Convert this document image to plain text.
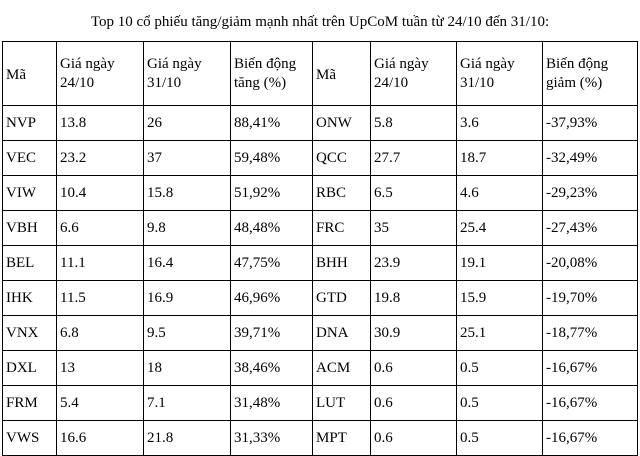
Top 10 cổ phiếu tăng/giảm mạnh nhất trên UpCoM tuần từ 24/10 đến 31/10:
Mã	Giá ngày 24/10	Giá ngày 31/10	Biến động tăng (%)	Mã	Giá ngày 24/10	Giá ngày 31/10	Biến động giảm (%)
NVP	13.8	26	88,41%	ONW	5.8	3.6	-37,93%
VEC	23.2	37	59,48%	QCC	27.7	18.7	-32,49%
VIW	10.4	15.8	51,92%	RBC	6.5	4.6	-29,23%
VBH	6.6	9.8	48,48%	FRC	35	25.4	-27,43%
BEL	11.1	16.4	47,75%	BHH	23.9	19.1	-20,08%
IHK	11.5	16.9	46,96%	GTD	19.8	15.9	-19,70%
VNX	6.8	9.5	39,71%	DNA	30.9	25.1	-18,77%
DXL	13	18	38,46%	ACM	0.6	0.5	-16,67%
FRM	5.4	7.1	31,48%	LUT	0.6	0.5	-16,67%
VWS	16.6	21.8	31,33%	MPT	0.6	0.5	-16,67%
